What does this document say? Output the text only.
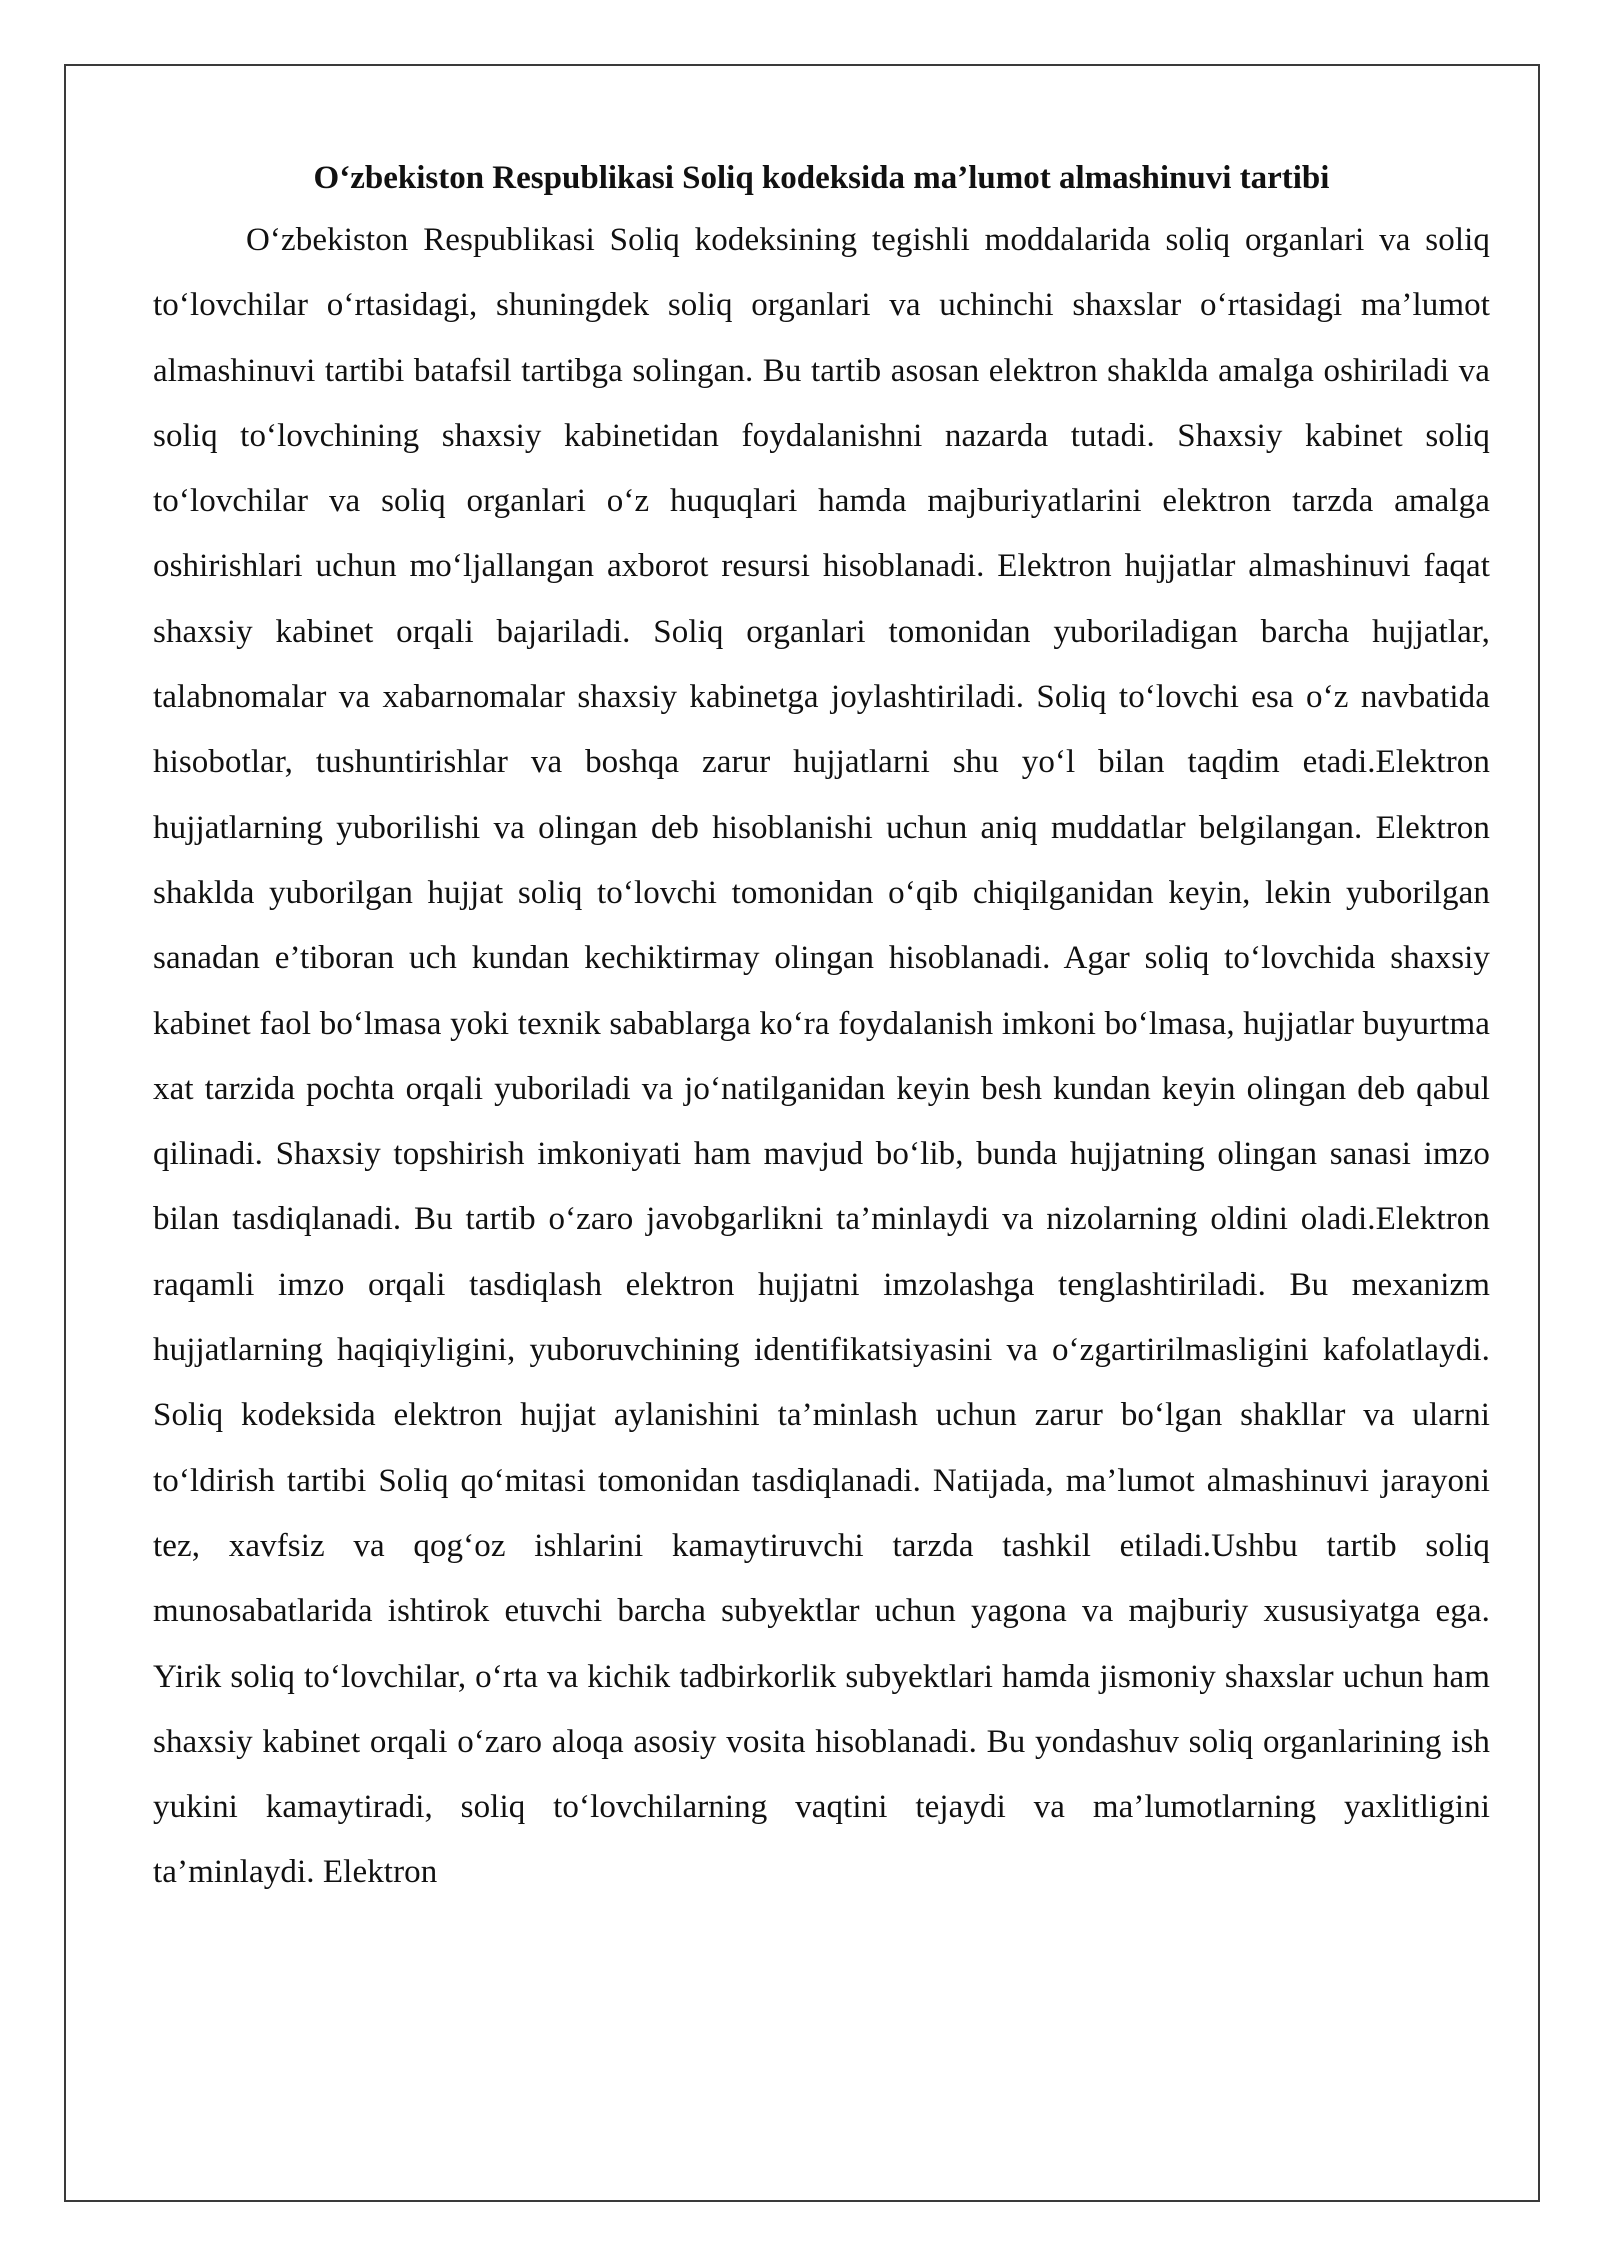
O‘zbekiston Respublikasi Soliq kodeksida ma’lumot almashinuvi tartibi

O‘zbekiston Respublikasi Soliq kodeksining tegishli moddalarida soliq organlari va soliq to‘lovchilar o‘rtasidagi, shuningdek soliq organlari va uchinchi shaxslar o‘rtasidagi ma’lumot almashinuvi tartibi batafsil tartibga solingan. Bu tartib asosan elektron shaklda amalga oshiriladi va soliq to‘lovchining shaxsiy kabinetidan foydalanishni nazarda tutadi. Shaxsiy kabinet soliq to‘lovchilar va soliq organlari o‘z huquqlari hamda majburiyatlarini elektron tarzda amalga oshirishlari uchun mo‘ljallangan axborot resursi hisoblanadi. Elektron hujjatlar almashinuvi faqat shaxsiy kabinet orqali bajariladi. Soliq organlari tomonidan yuboriladigan barcha hujjatlar, talabnomalar va xabarnomalar shaxsiy kabinetga joylashtiriladi. Soliq to‘lovchi esa o‘z navbatida hisobotlar, tushuntirishlar va boshqa zarur hujjatlarni shu yo‘l bilan taqdim etadi.Elektron hujjatlarning yuborilishi va olingan deb hisoblanishi uchun aniq muddatlar belgilangan. Elektron shaklda yuborilgan hujjat soliq to‘lovchi tomonidan o‘qib chiqilganidan keyin, lekin yuborilgan sanadan e’tiboran uch kundan kechiktirmay olingan hisoblanadi. Agar soliq to‘lovchida shaxsiy kabinet faol bo‘lmasa yoki texnik sabablarga ko‘ra foydalanish imkoni bo‘lmasa, hujjatlar buyurtma xat tarzida pochta orqali yuboriladi va jo‘natilganidan keyin besh kundan keyin olingan deb qabul qilinadi. Shaxsiy topshirish imkoniyati ham mavjud bo‘lib, bunda hujjatning olingan sanasi imzo bilan tasdiqlanadi. Bu tartib o‘zaro javobgarlikni ta’minlaydi va nizolarning oldini oladi.Elektron raqamli imzo orqali tasdiqlash elektron hujjatni imzolashga tenglashtiriladi. Bu mexanizm hujjatlarning haqiqiyligini, yuboruvchining identifikatsiyasini va o‘zgartirilmasligini kafolatlaydi. Soliq kodeksida elektron hujjat aylanishini ta’minlash uchun zarur bo‘lgan shakllar va ularni to‘ldirish tartibi Soliq qo‘mitasi tomonidan tasdiqlanadi. Natijada, ma’lumot almashinuvi jarayoni tez, xavfsiz va qog‘oz ishlarini kamaytiruvchi tarzda tashkil etiladi.Ushbu tartib soliq munosabatlarida ishtirok etuvchi barcha subyektlar uchun yagona va majburiy xususiyatga ega. Yirik soliq to‘lovchilar, o‘rta va kichik tadbirkorlik subyektlari hamda jismoniy shaxslar uchun ham shaxsiy kabinet orqali o‘zaro aloqa asosiy vosita hisoblanadi. Bu yondashuv soliq organlarining ish yukini kamaytiradi, soliq to‘lovchilarning vaqtini tejaydi va ma’lumotlarning yaxlitligini ta’minlaydi. Elektron
